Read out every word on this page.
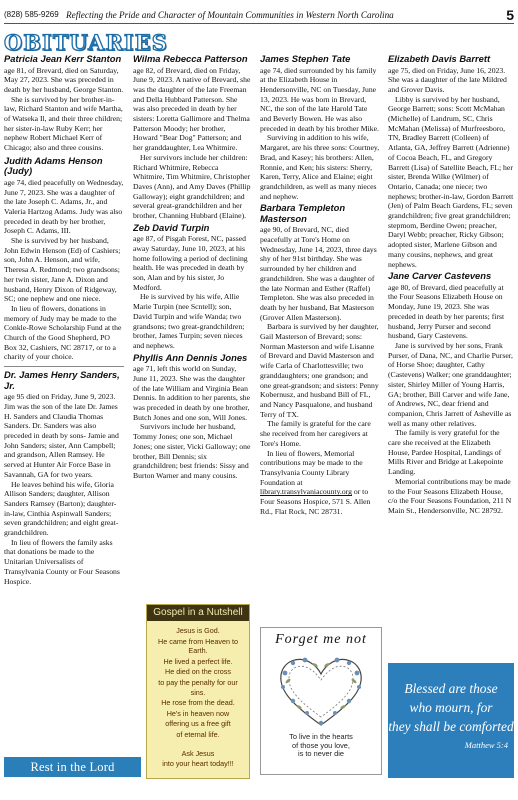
(828) 585-9269 Reflecting the Pride and Character of Mountain Communities in Western North Carolina	5
OBITUARIES
Patricia Jean Kerr Stanton
age 81, of Brevard, died on Saturday, May 27, 2023. She was preceded in death by her husband, George Stanton.
She is survived by her brother-in-law, Richard Stanton and wife Martha, of Watseka Il, and their three children; her sister-in-law Ruby Kerr; her nephew Robert Michael Kerr of Chicago; also and three cousins.
Judith Adams Henson (Judy)
age 74, died peacefully on Wednesday, June 7, 2023. She was a daughter of the late Joseph C. Adams, Jr., and Valeria Hartzog Adams. Judy was also preceded in death by her brother, Joseph C. Adams, III.
She is survived by her husband, John Edwin Henson (Ed) of Cashiers; son, John A. Henson, and wife, Theresa A. Redmond; two grandsons; her twin sister, Jane A. Dixon and husband, Henry Dixon of Ridgeway, SC; one nephew and one niece.
In lieu of flowers, donations in memory of Judy may be made to the Conkle-Rowe Scholarship Fund at the Church of the Good Shepherd, PO Box 32, Cashiers, NC 28717, or to a charity of your choice.
Dr. James Henry Sanders, Jr.
age 95 died on Friday, June 9, 2023. Jim was the son of the late Dr. James H. Sanders and Claudia Thomas Sanders. Dr. Sanders was also preceded in death by sons- Jamie and John Sanders; sister, Ann Campbell; and grandson, Allen Ramsey. He served at Hunter Air Force Base in Savannah, GA for two years.
He leaves behind his wife, Gloria Allison Sanders; daughter, Allison Sanders Ramsey (Barton); daughter-in-law, Cinthia Aspinwall Sanders; seven grandchildren; and eight great-grandchildren.
In lieu of flowers the family asks that donations be made to the Unitarian Universalists of Transylvania County or Four Seasons Hospice.
Wilma Rebecca Patterson
age 82, of Brevard, died on Friday, June 9, 2023. A native of Brevard, she was the daughter of the late Freeman and Della Hubbard Patterson. She was also preceded in death by her sisters: Loretta Gallimore and Thelma Patterson Moody; her brother, Howard "Bear Dog" Patterson; and her granddaughter, Lea Whitmire.
Her survivors include her children: Richard Whitmire, Rebecca Whitmire, Tim Whitmire, Christopher Daves (Ann), and Amy Daves (Phillip Galloway); eight grandchildren; and several great-grandchildren and her brother, Channing Hubbard (Elaine).
Zeb David Turpin
age 87, of Pisgah Forest, NC, passed away Saturday, June 10, 2023, at his home following a period of declining health. He was preceded in death by son, Alan and by his sister, Jo Medford.
He is survived by his wife, Allie Marie Turpin (nee Scntell); son, David Turpin and wife Wanda; two grandsons; two great-grandchildren; brother, James Turpin; seven nieces and nephews.
Phyllis Ann Dennis Jones
age 71, left this world on Sunday, June 11, 2023. She was the daughter of the late William and Virginia Bean Dennis. In addition to her parents, she was preceded in death by one brother, Butch Jones and one son, Will Jones.
Survivors include her husband, Tommy Jones; one son, Michael Jones; one sister, Vicki Galloway; one brother, Bill Dennis; six grandchildren; best friends: Sissy and Burton Warner and many cousins.
James Stephen Tate
age 74, died surrounded by his family at the Elizabeth House in Hendersonville, NC on Tuesday, June 13, 2023. He was born in Brevard, NC, the son of the late Harold Tate and Beverly Bowen. He was also preceded in death by his brother Mike.
Surviving in addition to his wife, Margaret, are his three sons: Courtney, Brad, and Kasey; his brothers: Allen, Ronnie, and Ken; his sisters: Sherry, Karen, Terry, Alice and Elaine; eight grandchildren, as well as many nieces and nephew.
Barbara Templeton Masterson
age 90, of Brevard, NC, died peacefully at Tore's Home on Wednesday, June 14, 2023, three days shy of her 91st birthday. She was surrounded by her children and grandchildren. She was a daughter of the late Norman and Esther (Raffel) Templeton. She was also preceded in death by her husband, Bat Masterson (Grover Allen Masterson).
Barbara is survived by her daughter, Gail Masterson of Brevard; sons: Norman Masterson and wife Lisanne of Brevard and David Masterson and wife Carla of Charlottesville; two granddaughters; one grandson; and one great-grandson; and sisters: Penny Kobernusz, and husband Bill of FL, and Nancy Pasqualone, and husband Terry of TX.
The family is grateful for the care she received from her caregivers at Tore's Home.
In lieu of flowers, Memorial contributions may be made to the Transylvania County Library Foundation at library.transylvaniacounty.org or to Four Seasons Hospice, 571 S. Allen Rd., Flat Rock, NC 28731.
Elizabeth Davis Barrett
age 75, died on Friday, June 16, 2023. She was a daughter of the late Mildred and Grover Davis.
Libby is survived by her husband, George Barrett; sons: Scott McMahan (Michelle) of Landrum, SC, Chris McMahan (Melissa) of Murfreesboro, TN, Bradley Barrett (Colleen) of Atlanta, GA, Jeffrey Barrett (Adrienne) of Cocoa Beach, FL, and Gregory Barrett (Lisa) of Satellite Beach, FL; her sister, Brenda Wilke (Wilmer) of Ontario, Canada; one niece; two nephews; brother-in-law, Gordon Barrett (Jen) of Palm Beach Gardens, FL; seven grandchildren; five great grandchildren; stepmom, Berdine Owen; preacher, Daryl Webb; preacher, Ricky Gibson; adopted sister, Marlene Gibson and many cousins, nephews, and great nephews.
Jane Carver Castevens
age 80, of Brevard, died peacefully at the Four Seasons Elizabeth House on Monday, June 19, 2023. She was preceded in death by her parents; first husband, Jerry Purser and second husband, Gary Castevens.
Jane is survived by her sons, Frank Purser, of Dana, NC, and Charlie Purser, of Horse Shoe; daughter, Cathy (Castevens) Walker; one granddaughter; sister, Shirley Miller of Young Harris, GA; brother, Bill Carver and wife Jane, of Andrews, NC, dear friend and companion, Chris Jarrett of Asheville as well as many other relatives.
The family is very grateful for the care she received at the Elizabeth House, Pardee Hospital, Landings of Mills River and Bridge at Lakepointe Landing.
Memorial contributions may be made to the Four Seasons Elizabeth House, c/o the Four Seasons Foundation, 211 N Main St., Hendersonville, NC 28792.
Rest in the Lord
Gospel in a Nutshell
Jesus is God.
He came from Heaven to Earth.
He lived a perfect life.
He died on the cross
to pay the penalty for our sins.
He rose from the dead.
He's in heaven now
offering us a free gift
of eternal life.
Ask Jesus
into your heart today!!!
Forget me not
To live in the hearts
of those you love,
is to never die
Blessed are those
who mourn, for
they shall be comforted
Matthew 5:4
